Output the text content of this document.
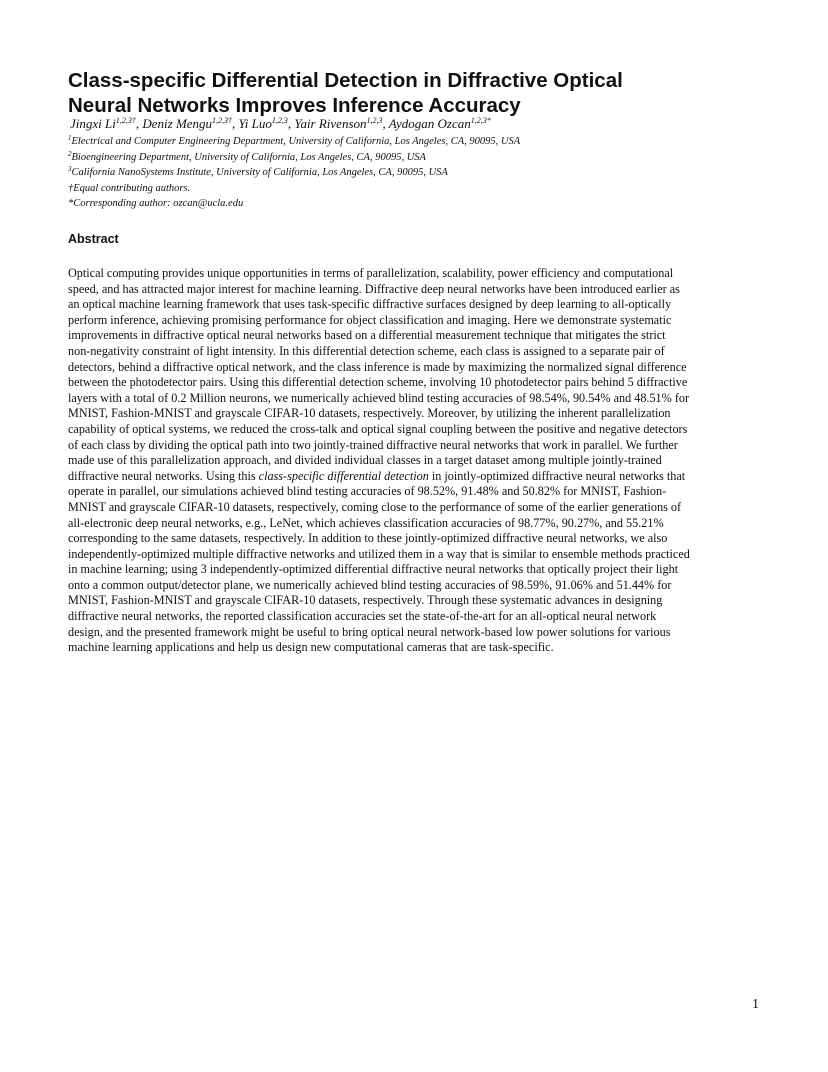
Class-specific Differential Detection in Diffractive Optical
Neural Networks Improves Inference Accuracy
Jingxi $Li^{1,2,3\dagger}$, Deniz Mengu$^{1,2,3\dagger}$, Yi Luo$^{1,2,3}$, Yair Rivenson$^{1,2,3}$, Aydogan Ozcan$^{1,2,3*}$
$^1$Electrical and Computer Engineering Department, University of California, Los Angeles, CA, 90095, USA
$^2$Bioengineering Department, University of California, Los Angeles, CA, 90095, USA
$^3$California NanoSystems Institute, University of California, Los Angeles, CA, 90095, USA
†Equal contributing authors.
*Corresponding author: ozcan@ucla.edu
Abstract
Optical computing provides unique opportunities in terms of parallelization, scalability, power efficiency and computational
speed, and has attracted major interest for machine learning. Diffractive deep neural networks have been introduced earlier as
an optical machine learning framework that uses task-specific diffractive surfaces designed by deep learning to all-optically
perform inference, achieving promising performance for object classification and imaging. Here we demonstrate systematic
improvements in diffractive optical neural networks based on a differential measurement technique that mitigates the strict
non-negativity constraint of light intensity. In this differential detection scheme, each class is assigned to a separate pair of
detectors, behind a diffractive optical network, and the class inference is made by maximizing the normalized signal difference
between the photodetector pairs. Using this differential detection scheme, involving 10 photodetector pairs behind 5 diffractive
layers with a total of 0.2 Million neurons, we numerically achieved blind testing accuracies of 98.54%, 90.54% and 48.51% for
MNIST, Fashion-MNIST and grayscale CIFAR-10 datasets, respectively. Moreover, by utilizing the inherent parallelization
capability of optical systems, we reduced the cross-talk and optical signal coupling between the positive and negative detectors
of each class by dividing the optical path into two jointly-trained diffractive neural networks that work in parallel. We further
made use of this parallelization approach, and divided individual classes in a target dataset among multiple jointly-trained
diffractive neural networks. Using this class-specific differential detection in jointly-optimized diffractive neural networks that
operate in parallel, our simulations achieved blind testing accuracies of 98.52%, 91.48% and 50.82% for MNIST, Fashion-
MNIST and grayscale CIFAR-10 datasets, respectively, coming close to the performance of some of the earlier generations of
all-electronic deep neural networks, e.g., LeNet, which achieves classification accuracies of 98.77%, 90.27%, and 55.21%
corresponding to the same datasets, respectively. In addition to these jointly-optimized diffractive neural networks, we also
independently-optimized multiple diffractive networks and utilized them in a way that is similar to ensemble methods practiced
in machine learning; using 3 independently-optimized differential diffractive neural networks that optically project their light
onto a common output/detector plane, we numerically achieved blind testing accuracies of 98.59%, 91.06% and 51.44% for
MNIST, Fashion-MNIST and grayscale CIFAR-10 datasets, respectively. Through these systematic advances in designing
diffractive neural networks, the reported classification accuracies set the state-of-the-art for an all-optical neural network
design, and the presented framework might be useful to bring optical neural network-based low power solutions for various
machine learning applications and help us design new computational cameras that are task-specific.
1
